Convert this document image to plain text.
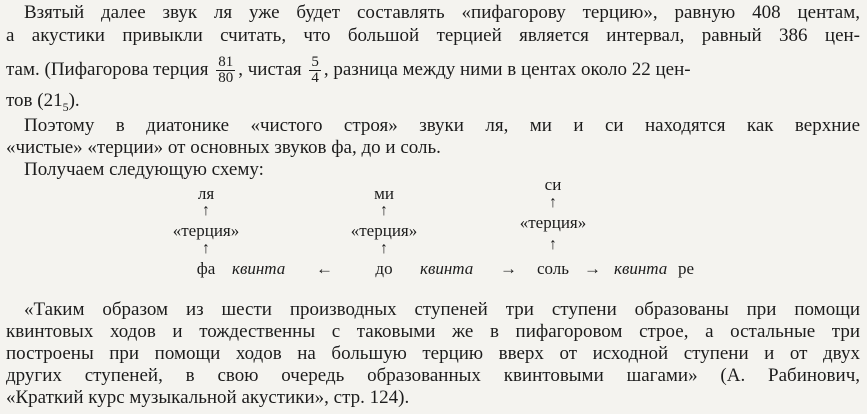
Взятый далее звук ля уже будет составлять «пифагорову терцию», равную 408 центам,
а акустики привыкли считать, что большой терцией является интервал, равный 386 цен-
там. (Пифагорова терция $\frac{81}{80}$ , чистая $\frac{5}{4}$ , разница между ними в центах около 22 цен-
тов $(21_5)$.
Поэтому в диатонике «чистого строя» звуки ля, ми и си находятся как верхние
«чистые» «терции» от основных звуков фа, до и соль.
Получаем следующую схему:
ля
↑
«терция»
↑
фа квинта ←
ми
↑
«терция»
↑
до квинта →
си
↑
«терция»
↑
соль → квинта ре
«Таким образом из шести производных ступеней три ступени образованы при помощи
квинтовых ходов и тождественны с таковыми же в пифагоровом строе, а остальные три
построены при помощи ходов на большую терцию вверх от исходной ступени и от двух
других ступеней, в свою очередь образованных квинтовыми шагами» (А. Рабинович,
«Краткий курс музыкальной акустики», стр. 124).
